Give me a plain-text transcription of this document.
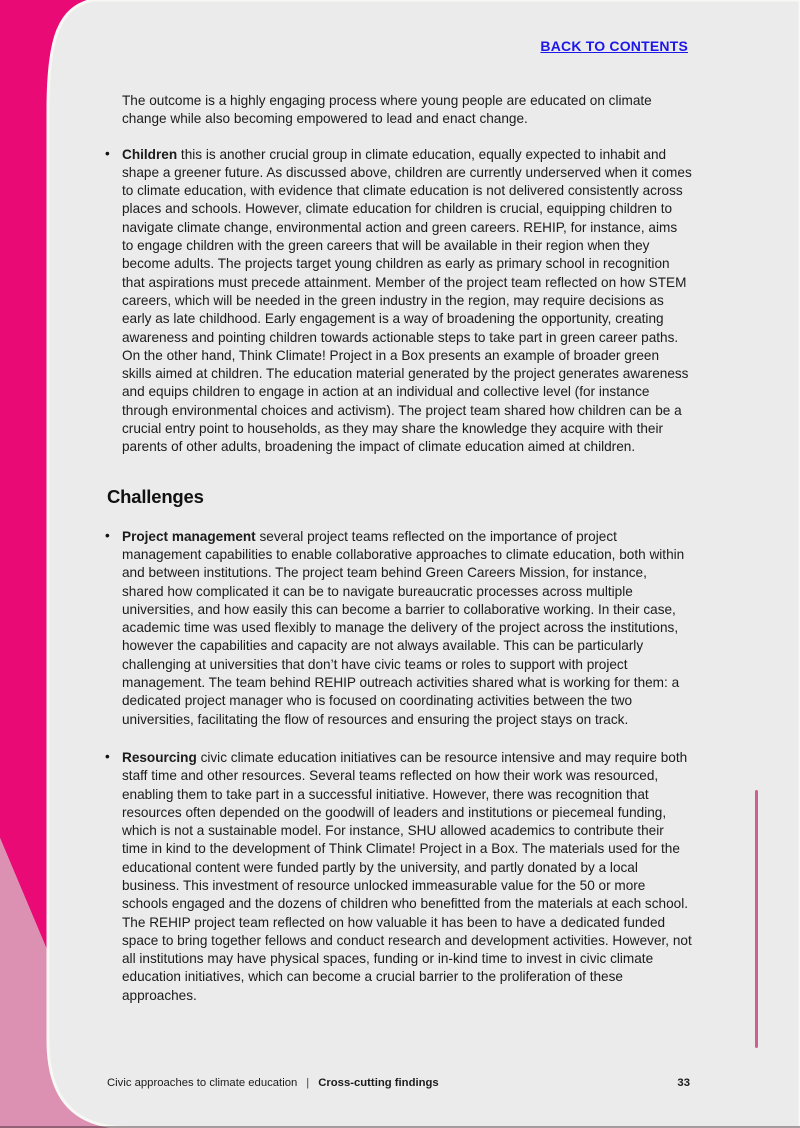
BACK TO CONTENTS

The outcome is a highly engaging process where young people are educated on climate change while also becoming empowered to lead and enact change.

• Children this is another crucial group in climate education, equally expected to inhabit and shape a greener future. As discussed above, children are currently underserved when it comes to climate education, with evidence that climate education is not delivered consistently across places and schools. However, climate education for children is crucial, equipping children to navigate climate change, environmental action and green careers. REHIP, for instance, aims to engage children with the green careers that will be available in their region when they become adults. The projects target young children as early as primary school in recognition that aspirations must precede attainment. Member of the project team reflected on how STEM careers, which will be needed in the green industry in the region, may require decisions as early as late childhood. Early engagement is a way of broadening the opportunity, creating awareness and pointing children towards actionable steps to take part in green career paths. On the other hand, Think Climate! Project in a Box presents an example of broader green skills aimed at children. The education material generated by the project generates awareness and equips children to engage in action at an individual and collective level (for instance through environmental choices and activism). The project team shared how children can be a crucial entry point to households, as they may share the knowledge they acquire with their parents of other adults, broadening the impact of climate education aimed at children.
Challenges
• Project management several project teams reflected on the importance of project management capabilities to enable collaborative approaches to climate education, both within and between institutions. The project team behind Green Careers Mission, for instance, shared how complicated it can be to navigate bureaucratic processes across multiple universities, and how easily this can become a barrier to collaborative working. In their case, academic time was used flexibly to manage the delivery of the project across the institutions, however the capabilities and capacity are not always available. This can be particularly challenging at universities that don’t have civic teams or roles to support with project management. The team behind REHIP outreach activities shared what is working for them: a dedicated project manager who is focused on coordinating activities between the two universities, facilitating the flow of resources and ensuring the project stays on track.
• Resourcing civic climate education initiatives can be resource intensive and may require both staff time and other resources. Several teams reflected on how their work was resourced, enabling them to take part in a successful initiative. However, there was recognition that resources often depended on the goodwill of leaders and institutions or piecemeal funding, which is not a sustainable model. For instance, SHU allowed academics to contribute their time in kind to the development of Think Climate! Project in a Box. The materials used for the educational content were funded partly by the university, and partly donated by a local business. This investment of resource unlocked immeasurable value for the 50 or more schools engaged and the dozens of children who benefitted from the materials at each school. The REHIP project team reflected on how valuable it has been to have a dedicated funded space to bring together fellows and conduct research and development activities. However, not all institutions may have physical spaces, funding or in-kind time to invest in civic climate education initiatives, which can become a crucial barrier to the proliferation of these approaches.
Civic approaches to climate education | Cross-cutting findings	33
